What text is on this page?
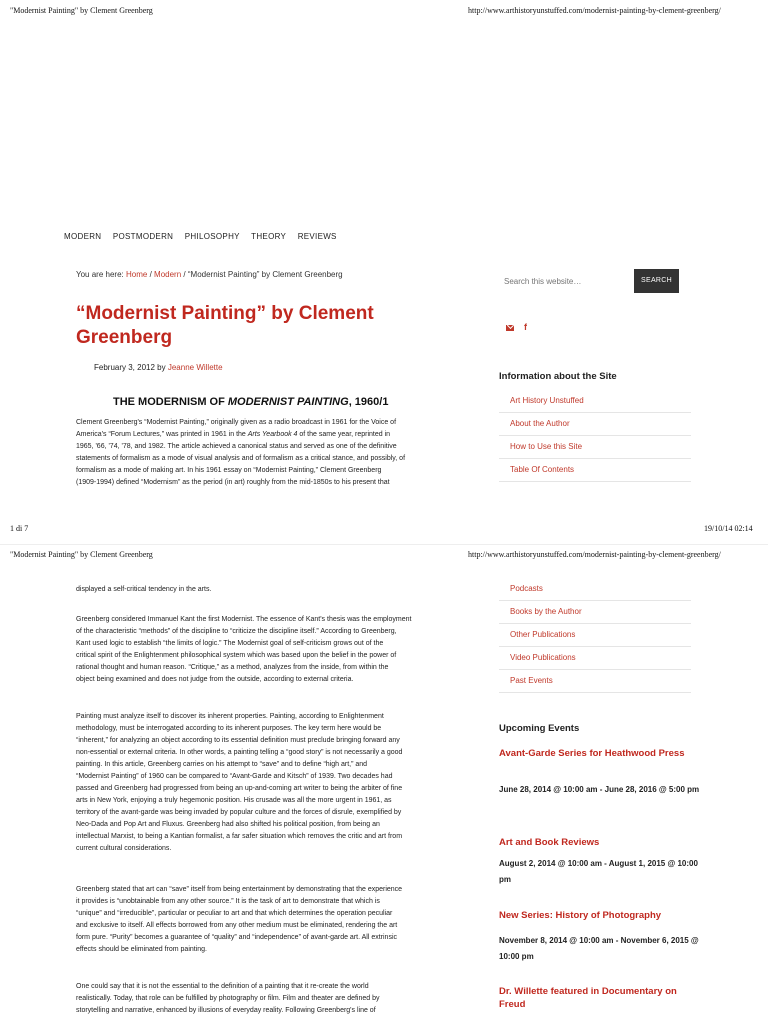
"Modernist Painting" by Clement Greenberg	http://www.arthistoryunstuffed.com/modernist-painting-by-clement-greenberg/
MODERN POSTMODERN PHILOSOPHY THEORY REVIEWS
You are here: Home / Modern / “Modernist Painting” by Clement Greenberg
“Modernist Painting” by Clement Greenberg
February 3, 2012 by Jeanne Willette
THE MODERNISM OF MODERNIST PAINTING, 1960/1
Clement Greenberg's “Modernist Painting,” originally given as a radio broadcast in 1961 for the Voice of
America's “Forum Lectures,” was printed in 1961 in the Arts Yearbook 4 of the same year, reprinted in
1965, '66, '74, '78, and 1982. The article achieved a canonical status and served as one of the definitive
statements of formalism as a mode of visual analysis and of formalism as a critical stance, and possibly, of
formalism as a mode of making art. In his 1961 essay on “Modernist Painting,” Clement Greenberg
(1909-1994) defined “Modernism” as the period (in art) roughly from the mid-1850s to his present that
Search this website…
SEARCH
f
Information about the Site
Art History Unstuffed
About the Author
How to Use this Site
Table Of Contents
1 di 7	19/10/14 02:14
"Modernist Painting" by Clement Greenberg	http://www.arthistoryunstuffed.com/modernist-painting-by-clement-greenberg/
displayed a self-critical tendency in the arts.
Greenberg considered Immanuel Kant the first Modernist. The essence of Kant's thesis was the employment
of the characteristic “methods” of the discipline to “criticize the discipline itself.” According to Greenberg,
Kant used logic to establish “the limits of logic.” The Modernist goal of self-criticism grows out of the
critical spirit of the Enlightenment philosophical system which was based upon the belief in the power of
rational thought and human reason. “Critique,” as a method, analyzes from the inside, from within the
object being examined and does not judge from the outside, according to external criteria.
Painting must analyze itself to discover its inherent properties. Painting, according to Enlightenment
methodology, must be interrogated according to its inherent purposes. The key term here would be
“inherent,” for analyzing an object according to its essential definition must preclude bringing forward any
non-essential or external criteria. In other words, a painting telling a “good story” is not necessarily a good
painting. In this article, Greenberg carries on his attempt to “save” and to define “high art,” and
“Modernist Painting” of 1960 can be compared to “Avant-Garde and Kitsch” of 1939. Two decades had
passed and Greenberg had progressed from being an up-and-coming art writer to being the arbiter of fine
arts in New York, enjoying a truly hegemonic position. His crusade was all the more urgent in 1961, as
territory of the avant-garde was being invaded by popular culture and the forces of disrule, exemplified by
Neo-Dada and Pop Art and Fluxus. Greenberg had also shifted his political position, from being an
intellectual Marxist, to being a Kantian formalist, a far safer situation which removes the critic and art from
current cultural considerations.
Greenberg stated that art can “save” itself from being entertainment by demonstrating that the experience
it provides is “unobtainable from any other source.” It is the task of art to demonstrate that which is
“unique” and “irreducible”, particular or peculiar to art and that which determines the operation peculiar
and exclusive to itself. All effects borrowed from any other medium must be eliminated, rendering the art
form pure. “Purity” becomes a guarantee of “quality” and “independence” of avant-garde art. All extrinsic
effects should be eliminated from painting.
One could say that it is not the essential to the definition of a painting that it re-create the world
realistically. Today, that role can be fulfilled by photography or film. Film and theater are defined by
storytelling and narrative, enhanced by illusions of everyday reality. Following Greenberg's line of
Podcasts
Books by the Author
Other Publications
Video Publications
Past Events
Upcoming Events
Avant-Garde Series for Heathwood Press
June 28, 2014 @ 10:00 am - June 28, 2016 @ 5:00 pm
Art and Book Reviews
August 2, 2014 @ 10:00 am - August 1, 2015 @ 10:00 pm
New Series: History of Photography
November 8, 2014 @ 10:00 am - November 6, 2015 @ 10:00 pm
Dr. Willette featured in Documentary on Freud
